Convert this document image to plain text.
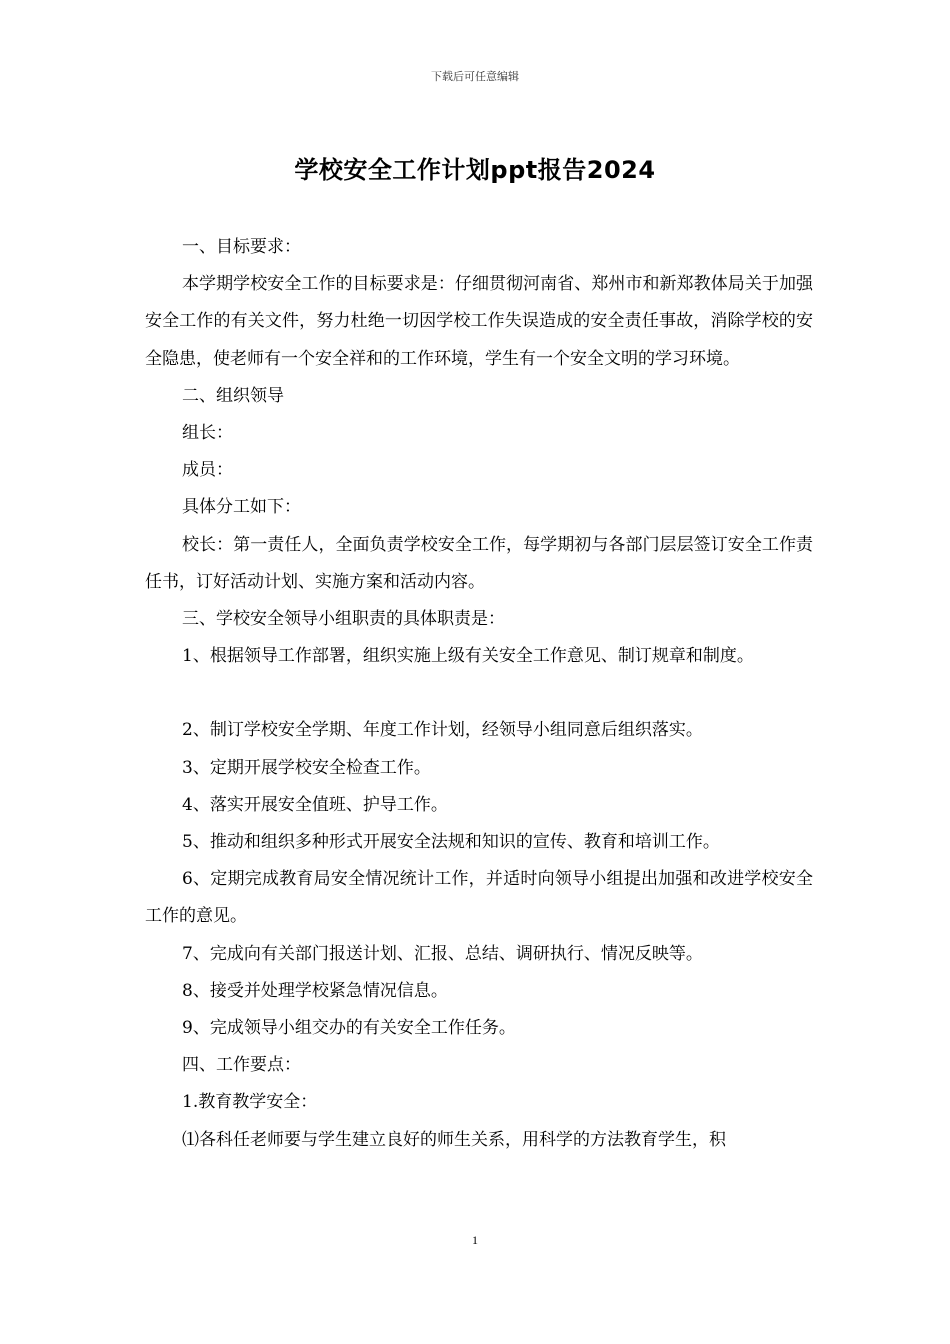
下载后可任意编辑
学校安全工作计划ppt报告2024

一、目标要求：

本学期学校安全工作的目标要求是：仔细贯彻河南省、郑州市和新郑教体局关于加强安全工作的有关文件，努力杜绝一切因学校工作失误造成的安全责任事故，消除学校的安全隐患，使老师有一个安全祥和的工作环境，学生有一个安全文明的学习环境。

二、组织领导

组长：

成员：

具体分工如下：

校长：第一责任人，全面负责学校安全工作，每学期初与各部门层层签订安全工作责任书，订好活动计划、实施方案和活动内容。

三、学校安全领导小组职责的具体职责是：

1、根据领导工作部署，组织实施上级有关安全工作意见、制订规章和制度。

2、制订学校安全学期、年度工作计划，经领导小组同意后组织落实。

3、定期开展学校安全检查工作。

4、落实开展安全值班、护导工作。

5、推动和组织多种形式开展安全法规和知识的宣传、教育和培训工作。

6、定期完成教育局安全情况统计工作，并适时向领导小组提出加强和改进学校安全工作的意见。

7、完成向有关部门报送计划、汇报、总结、调研执行、情况反映等。

8、接受并处理学校紧急情况信息。

9、完成领导小组交办的有关安全工作任务。

四、工作要点：

1.教育教学安全：

⑴各科任老师要与学生建立良好的师生关系，用科学的方法教育学生，积

1
